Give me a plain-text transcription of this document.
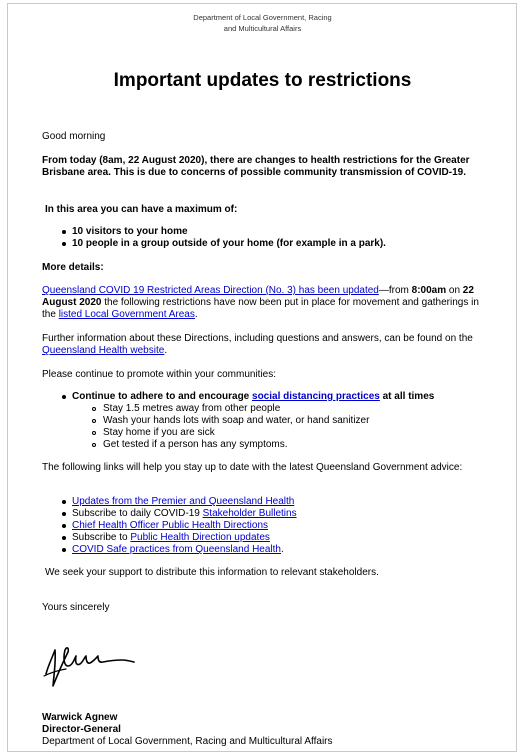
Department of Local Government, Racing
and Multicultural Affairs
Important updates to restrictions
Good morning
From today (8am, 22 August 2020), there are changes to health restrictions for the Greater Brisbane area. This is due to concerns of possible community transmission of COVID-19.
In this area you can have a maximum of:
10 visitors to your home
10 people in a group outside of your home (for example in a park).
More details:
Queensland COVID 19 Restricted Areas Direction (No. 3) has been updated—from 8:00am on 22 August 2020 the following restrictions have now been put in place for movement and gatherings in the listed Local Government Areas.
Further information about these Directions, including questions and answers, can be found on the Queensland Health website.
Please continue to promote within your communities:
Continue to adhere to and encourage social distancing practices at all times
Stay 1.5 metres away from other people
Wash your hands lots with soap and water, or hand sanitizer
Stay home if you are sick
Get tested if a person has any symptoms.
The following links will help you stay up to date with the latest Queensland Government advice:
Updates from the Premier and Queensland Health
Subscribe to daily COVID-19 Stakeholder Bulletins
Chief Health Officer Public Health Directions
Subscribe to Public Health Direction updates
COVID Safe practices from Queensland Health.
We seek your support to distribute this information to relevant stakeholders.
Yours sincerely
Warwick Agnew
Director-General
Department of Local Government, Racing and Multicultural Affairs
